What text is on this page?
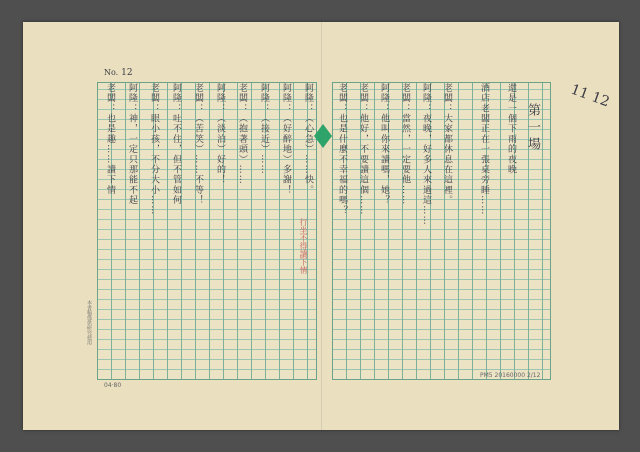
No. 12
阿隆：（心急）……快。
阿隆：（好醉地）多謝！
阿隆：（接近）……
老闆：（抱著頭）……
阿隆：（淡泊）好的！
老闆：（苦笑）……不等！
阿隆：吐不住，但不管如何
老闆：眼小孩，不分大小……
阿隆：神，一定只那能不起
老闆：也是趣……讀下情
行坐不得讀下情
本書稿僅供研究使用
04·80
老闆：也是什麼不幸福的嗎？
老闆：他好，不要讀這個……
阿隆：他叫你來讀嗎，她？
老闆：當然，一定要他……
阿隆：夜晚，好多人來過這……
老闆：大家都休息在這裡。	酒店老闆正在一張桌旁睡…… 還是一個下雨的夜晚 第一場
11 12
PM5 20160000 2/12
